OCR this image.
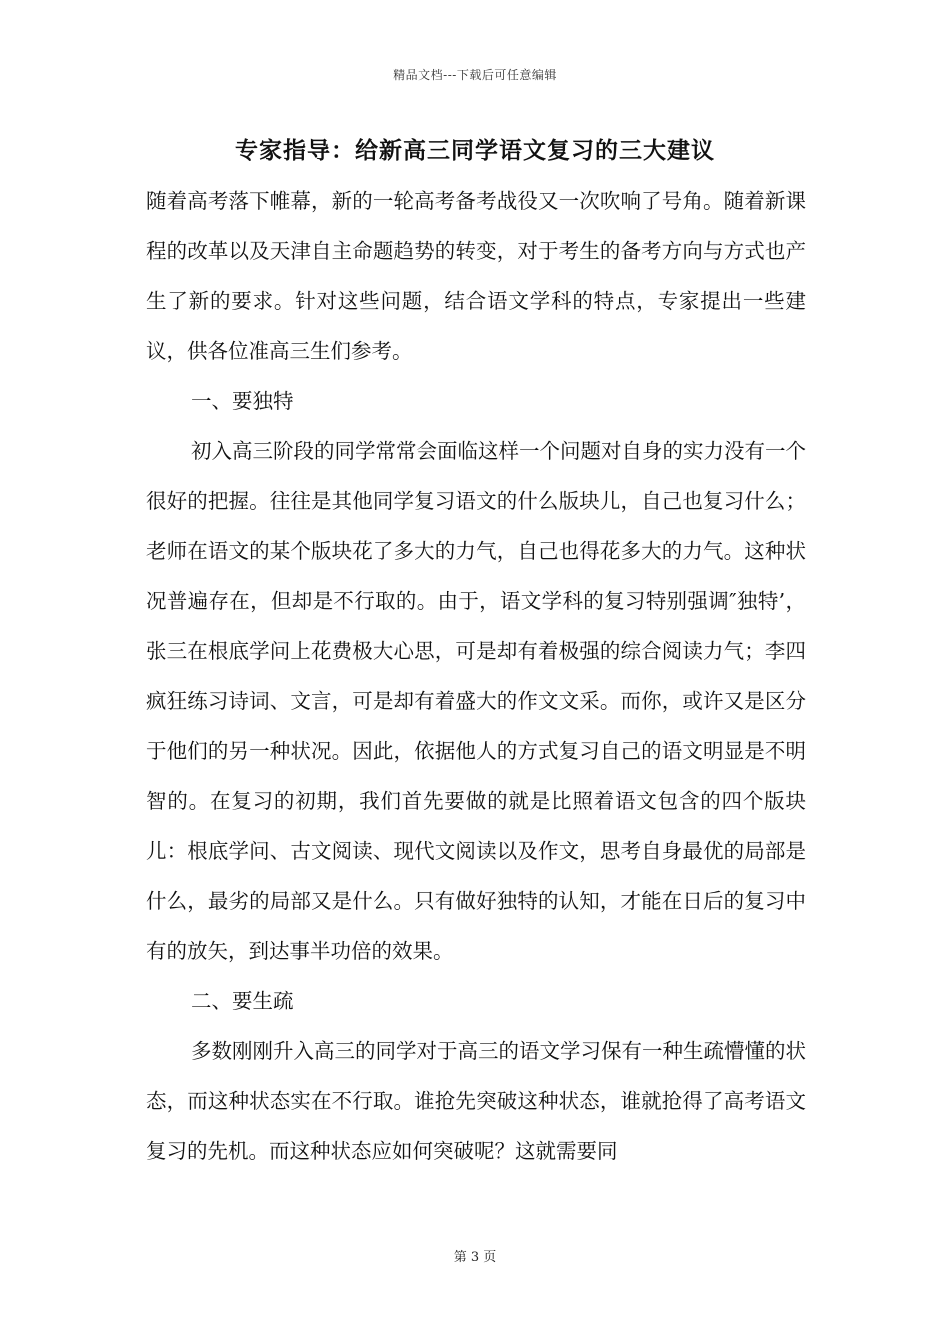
精品文档---下载后可任意编辑
专家指导：给新高三同学语文复习的三大建议

随着高考落下帷幕，新的一轮高考备考战役又一次吹响了号角。随着新课程的改革以及天津自主命题趋势的转变，对于考生的备考方向与方式也产生了新的要求。针对这些问题，结合语文学科的特点，专家提出一些建议，供各位准高三生们参考。

一、要独特

初入高三阶段的同学常常会面临这样一个问题对自身的实力没有一个很好的把握。往往是其他同学复习语文的什么版块儿，自己也复习什么；老师在语文的某个版块花了多大的力气，自己也得花多大的力气。这种状况普遍存在，但却是不行取的。由于，语文学科的复习特别强调″独特’，张三在根底学问上花费极大心思，可是却有着极强的综合阅读力气；李四疯狂练习诗词、文言，可是却有着盛大的作文文采。而你，或许又是区分于他们的另一种状况。因此，依据他人的方式复习自己的语文明显是不明智的。在复习的初期，我们首先要做的就是比照着语文包含的四个版块儿：根底学问、古文阅读、现代文阅读以及作文，思考自身最优的局部是什么，最劣的局部又是什么。只有做好独特的认知，才能在日后的复习中有的放矢，到达事半功倍的效果。

二、要生疏

多数刚刚升入高三的同学对于高三的语文学习保有一种生疏懵懂的状态，而这种状态实在不行取。谁抢先突破这种状态，谁就抢得了高考语文复习的先机。而这种状态应如何突破呢？这就需要同

第 3 页
